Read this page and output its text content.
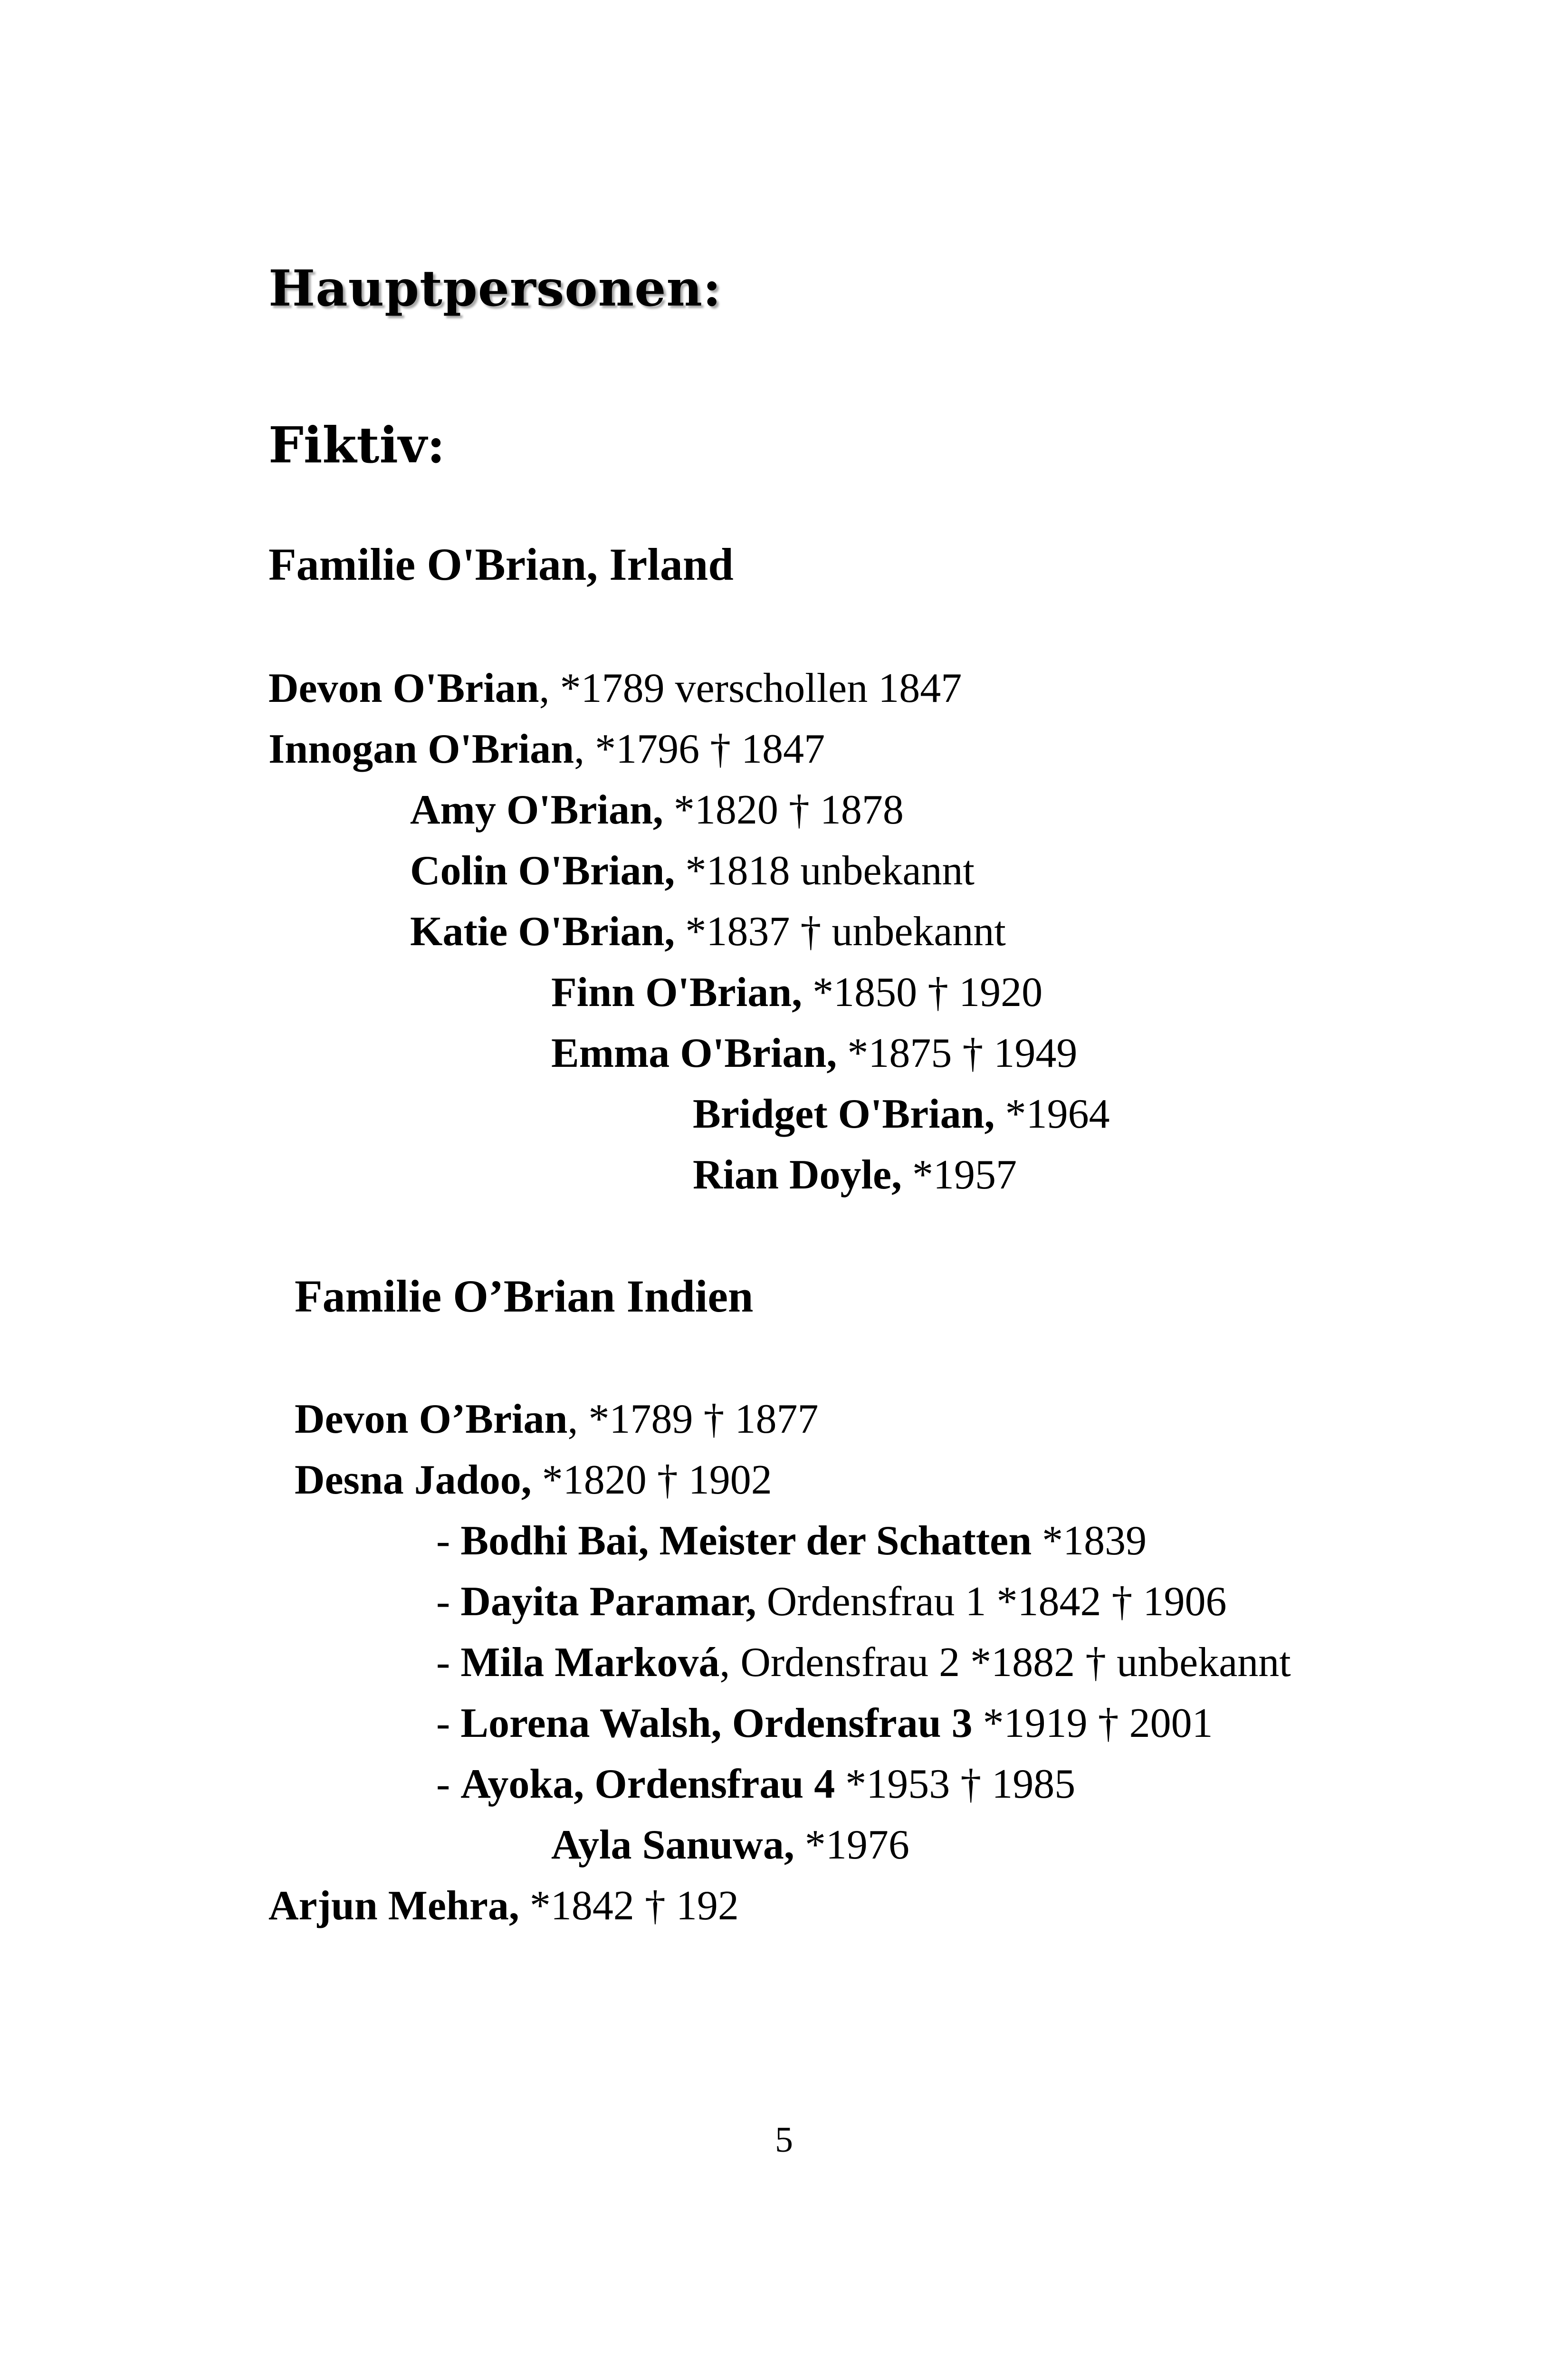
Hauptpersonen:
Fiktiv:
Familie O'Brian, Irland
Devon O'Brian, *1789 verschollen 1847
Innogan O'Brian, *1796 † 1847
Amy O'Brian, *1820 † 1878
Colin O'Brian, *1818 unbekannt
Katie O'Brian, *1837 † unbekannt
Finn O'Brian, *1850 † 1920
Emma O'Brian, *1875 † 1949
Bridget O'Brian, *1964
Rian Doyle, *1957
Familie O’Brian Indien
Devon O’Brian, *1789 † 1877
Desna Jadoo, *1820 † 1902
- Bodhi Bai, Meister der Schatten *1839
- Dayita Paramar, Ordensfrau 1 *1842 † 1906
- Mila Marková, Ordensfrau 2 *1882 † unbekannt
- Lorena Walsh, Ordensfrau 3 *1919 † 2001
- Ayoka, Ordensfrau 4 *1953 † 1985
Ayla Sanuwa, *1976
Arjun Mehra, *1842 † 192
5
